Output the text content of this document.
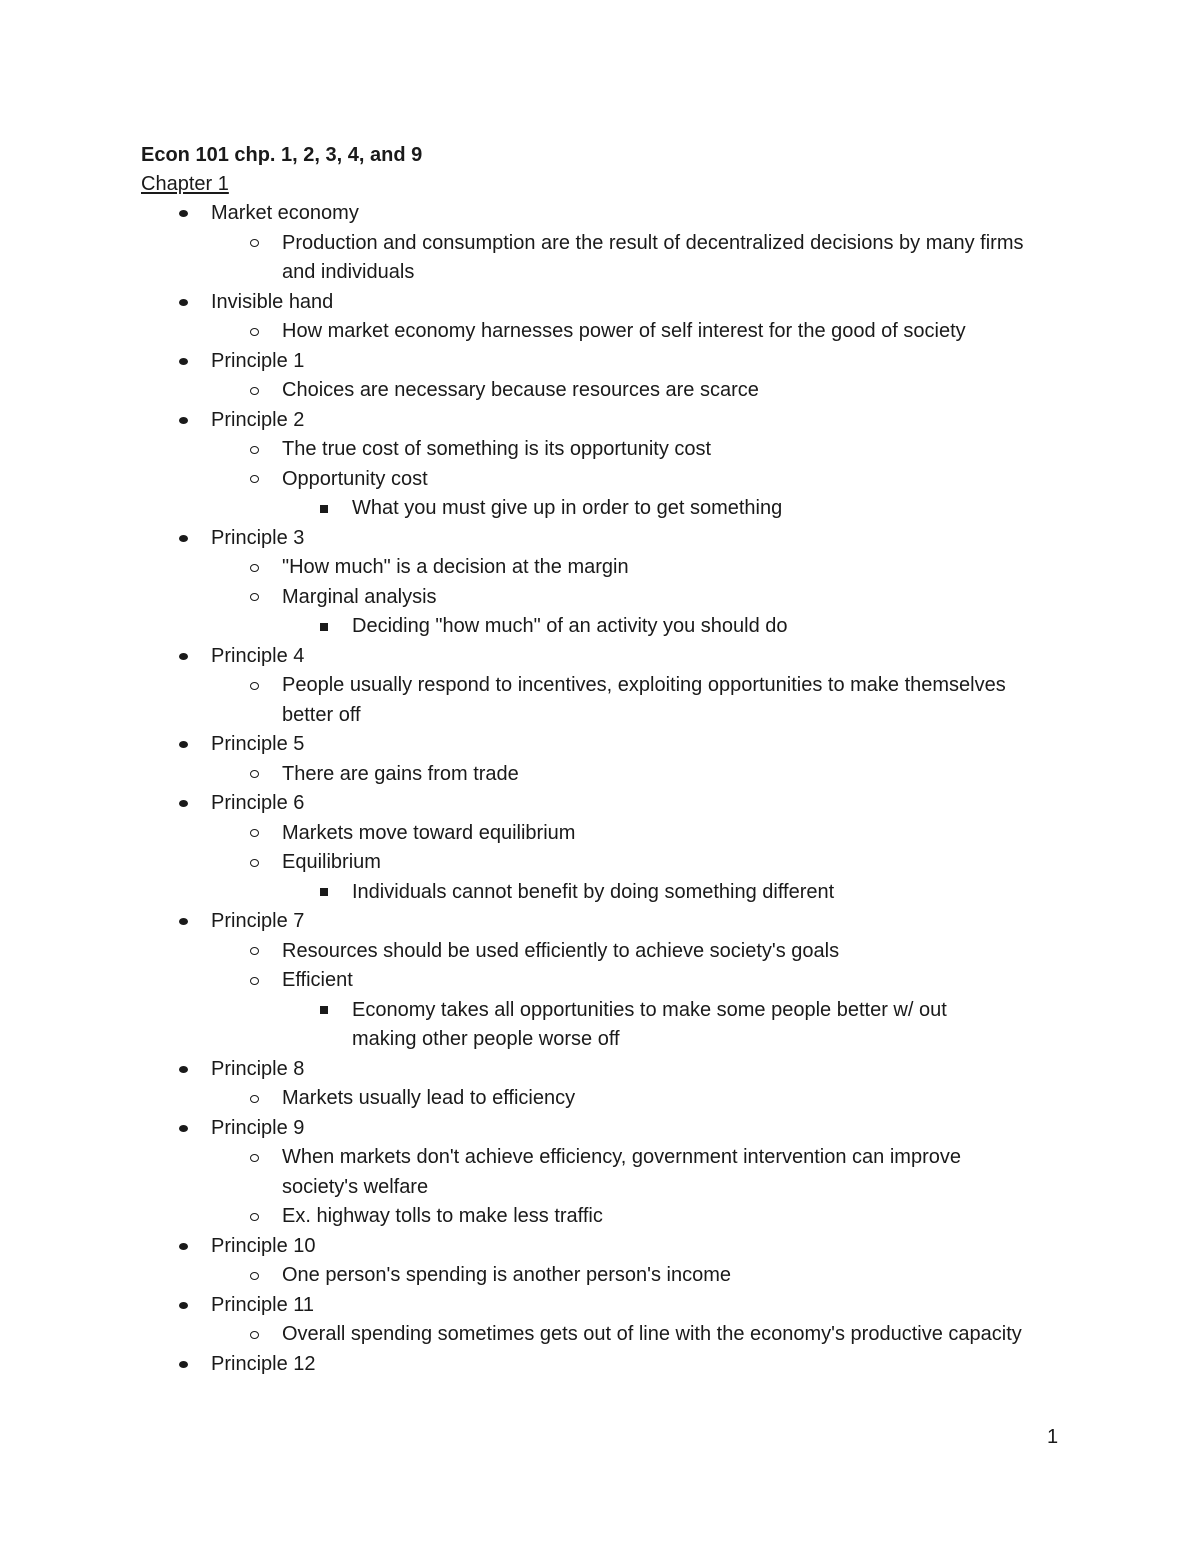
Econ 101 chp. 1, 2, 3, 4, and 9
Chapter 1
Market economy
Production and consumption are the result of decentralized decisions by many firms and individuals
Invisible hand
How market economy harnesses power of self interest for the good of society
Principle 1
Choices are necessary because resources are scarce
Principle 2
The true cost of something is its opportunity cost
Opportunity cost
What you must give up in order to get something
Principle 3
"How much" is a decision at the margin
Marginal analysis
Deciding "how much" of an activity you should do
Principle 4
People usually respond to incentives, exploiting opportunities to make themselves better off
Principle 5
There are gains from trade
Principle 6
Markets move toward equilibrium
Equilibrium
Individuals cannot benefit by doing something different
Principle 7
Resources should be used efficiently to achieve society's goals
Efficient
Economy takes all opportunities to make some people better w/ out making other people worse off
Principle 8
Markets usually lead to efficiency
Principle 9
When markets don't achieve efficiency, government intervention can improve society's welfare
Ex. highway tolls to make less traffic
Principle 10
One person's spending is another person's income
Principle 11
Overall spending sometimes gets out of line with the economy's productive capacity
Principle 12
1
